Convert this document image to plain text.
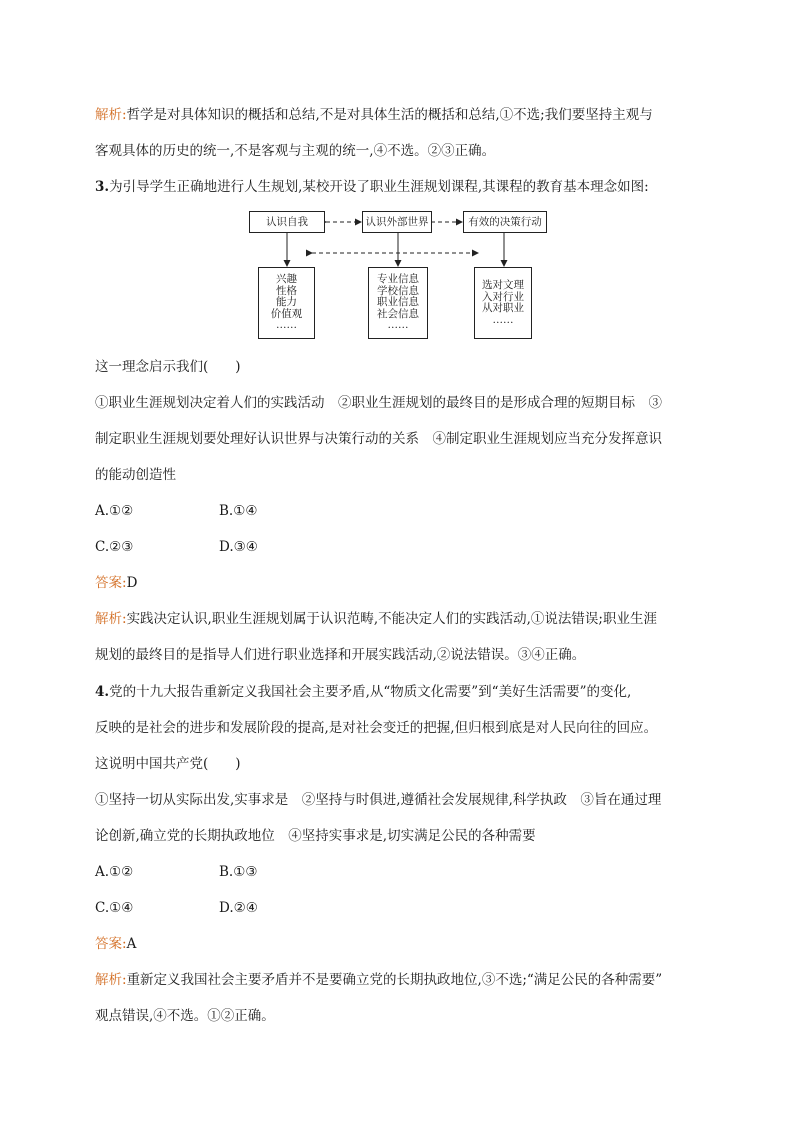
解析:哲学是对具体知识的概括和总结,不是对具体生活的概括和总结,①不选;我们要坚持主观与
客观具体的历史的统一,不是客观与主观的统一,④不选。②③正确。
3.为引导学生正确地进行人生规划,某校开设了职业生涯规划课程,其课程的教育基本理念如图:
认识自我	认识外部世界	有效的决策行动
兴趣
性格
能力
价值观
……
专业信息
学校信息
职业信息
社会信息
……
选对文理
入对行业
从对职业
……
这一理念启示我们(　　)
①职业生涯规划决定着人们的实践活动　②职业生涯规划的最终目的是形成合理的短期目标　③
制定职业生涯规划要处理好认识世界与决策行动的关系　④制定职业生涯规划应当充分发挥意识
的能动创造性
A.①②	B.①④
C.②③	D.③④
答案:D
解析:实践决定认识,职业生涯规划属于认识范畴,不能决定人们的实践活动,①说法错误;职业生涯
规划的最终目的是指导人们进行职业选择和开展实践活动,②说法错误。③④正确。
4.党的十九大报告重新定义我国社会主要矛盾,从“物质文化需要”到“美好生活需要”的变化,
反映的是社会的进步和发展阶段的提高,是对社会变迁的把握,但归根到底是对人民向往的回应。
这说明中国共产党(　　)
①坚持一切从实际出发,实事求是　②坚持与时俱进,遵循社会发展规律,科学执政　③旨在通过理
论创新,确立党的长期执政地位　④坚持实事求是,切实满足公民的各种需要
A.①②	B.①③
C.①④	D.②④
答案:A
解析:重新定义我国社会主要矛盾并不是要确立党的长期执政地位,③不选;“满足公民的各种需要”
观点错误,④不选。①②正确。
